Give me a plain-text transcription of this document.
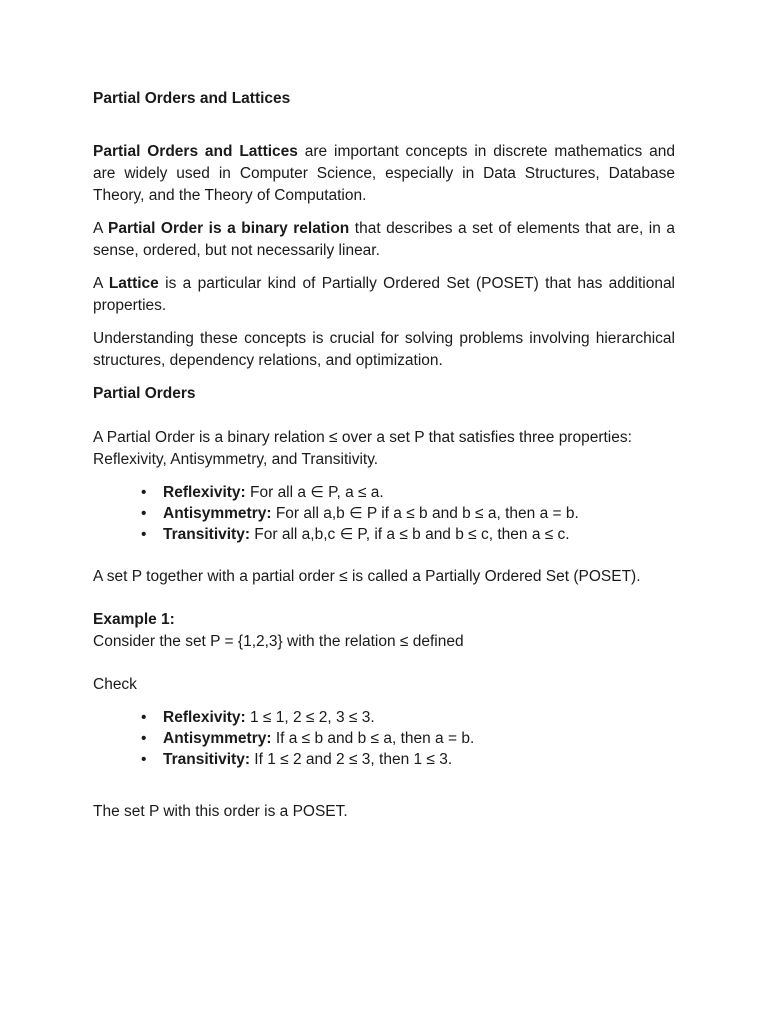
Partial Orders and Lattices

Partial Orders and Lattices are important concepts in discrete mathematics and are widely used in Computer Science, especially in Data Structures, Database Theory, and the Theory of Computation.

A Partial Order is a binary relation that describes a set of elements that are, in a sense, ordered, but not necessarily linear.

A Lattice is a particular kind of Partially Ordered Set (POSET) that has additional properties.

Understanding these concepts is crucial for solving problems involving hierarchical structures, dependency relations, and optimization.

Partial Orders

A Partial Order is a binary relation ≤ over a set P that satisfies three properties: Reflexivity, Antisymmetry, and Transitivity.

• Reflexivity: For all a ∈ P, a ≤ a.
• Antisymmetry: For all a,b ∈ P if a ≤ b and b ≤ a, then a = b.
• Transitivity: For all a,b,c ∈ P, if a ≤ b and b ≤ c, then a ≤ c.

A set P together with a partial order ≤ is called a Partially Ordered Set (POSET).

Example 1:

Consider the set P = {1,2,3} with the relation ≤ defined

Check

• Reflexivity: 1 ≤ 1, 2 ≤ 2, 3 ≤ 3.
• Antisymmetry: If a ≤ b and b ≤ a, then a = b.
• Transitivity: If 1 ≤ 2 and 2 ≤ 3, then 1 ≤ 3.

The set P with this order is a POSET.
